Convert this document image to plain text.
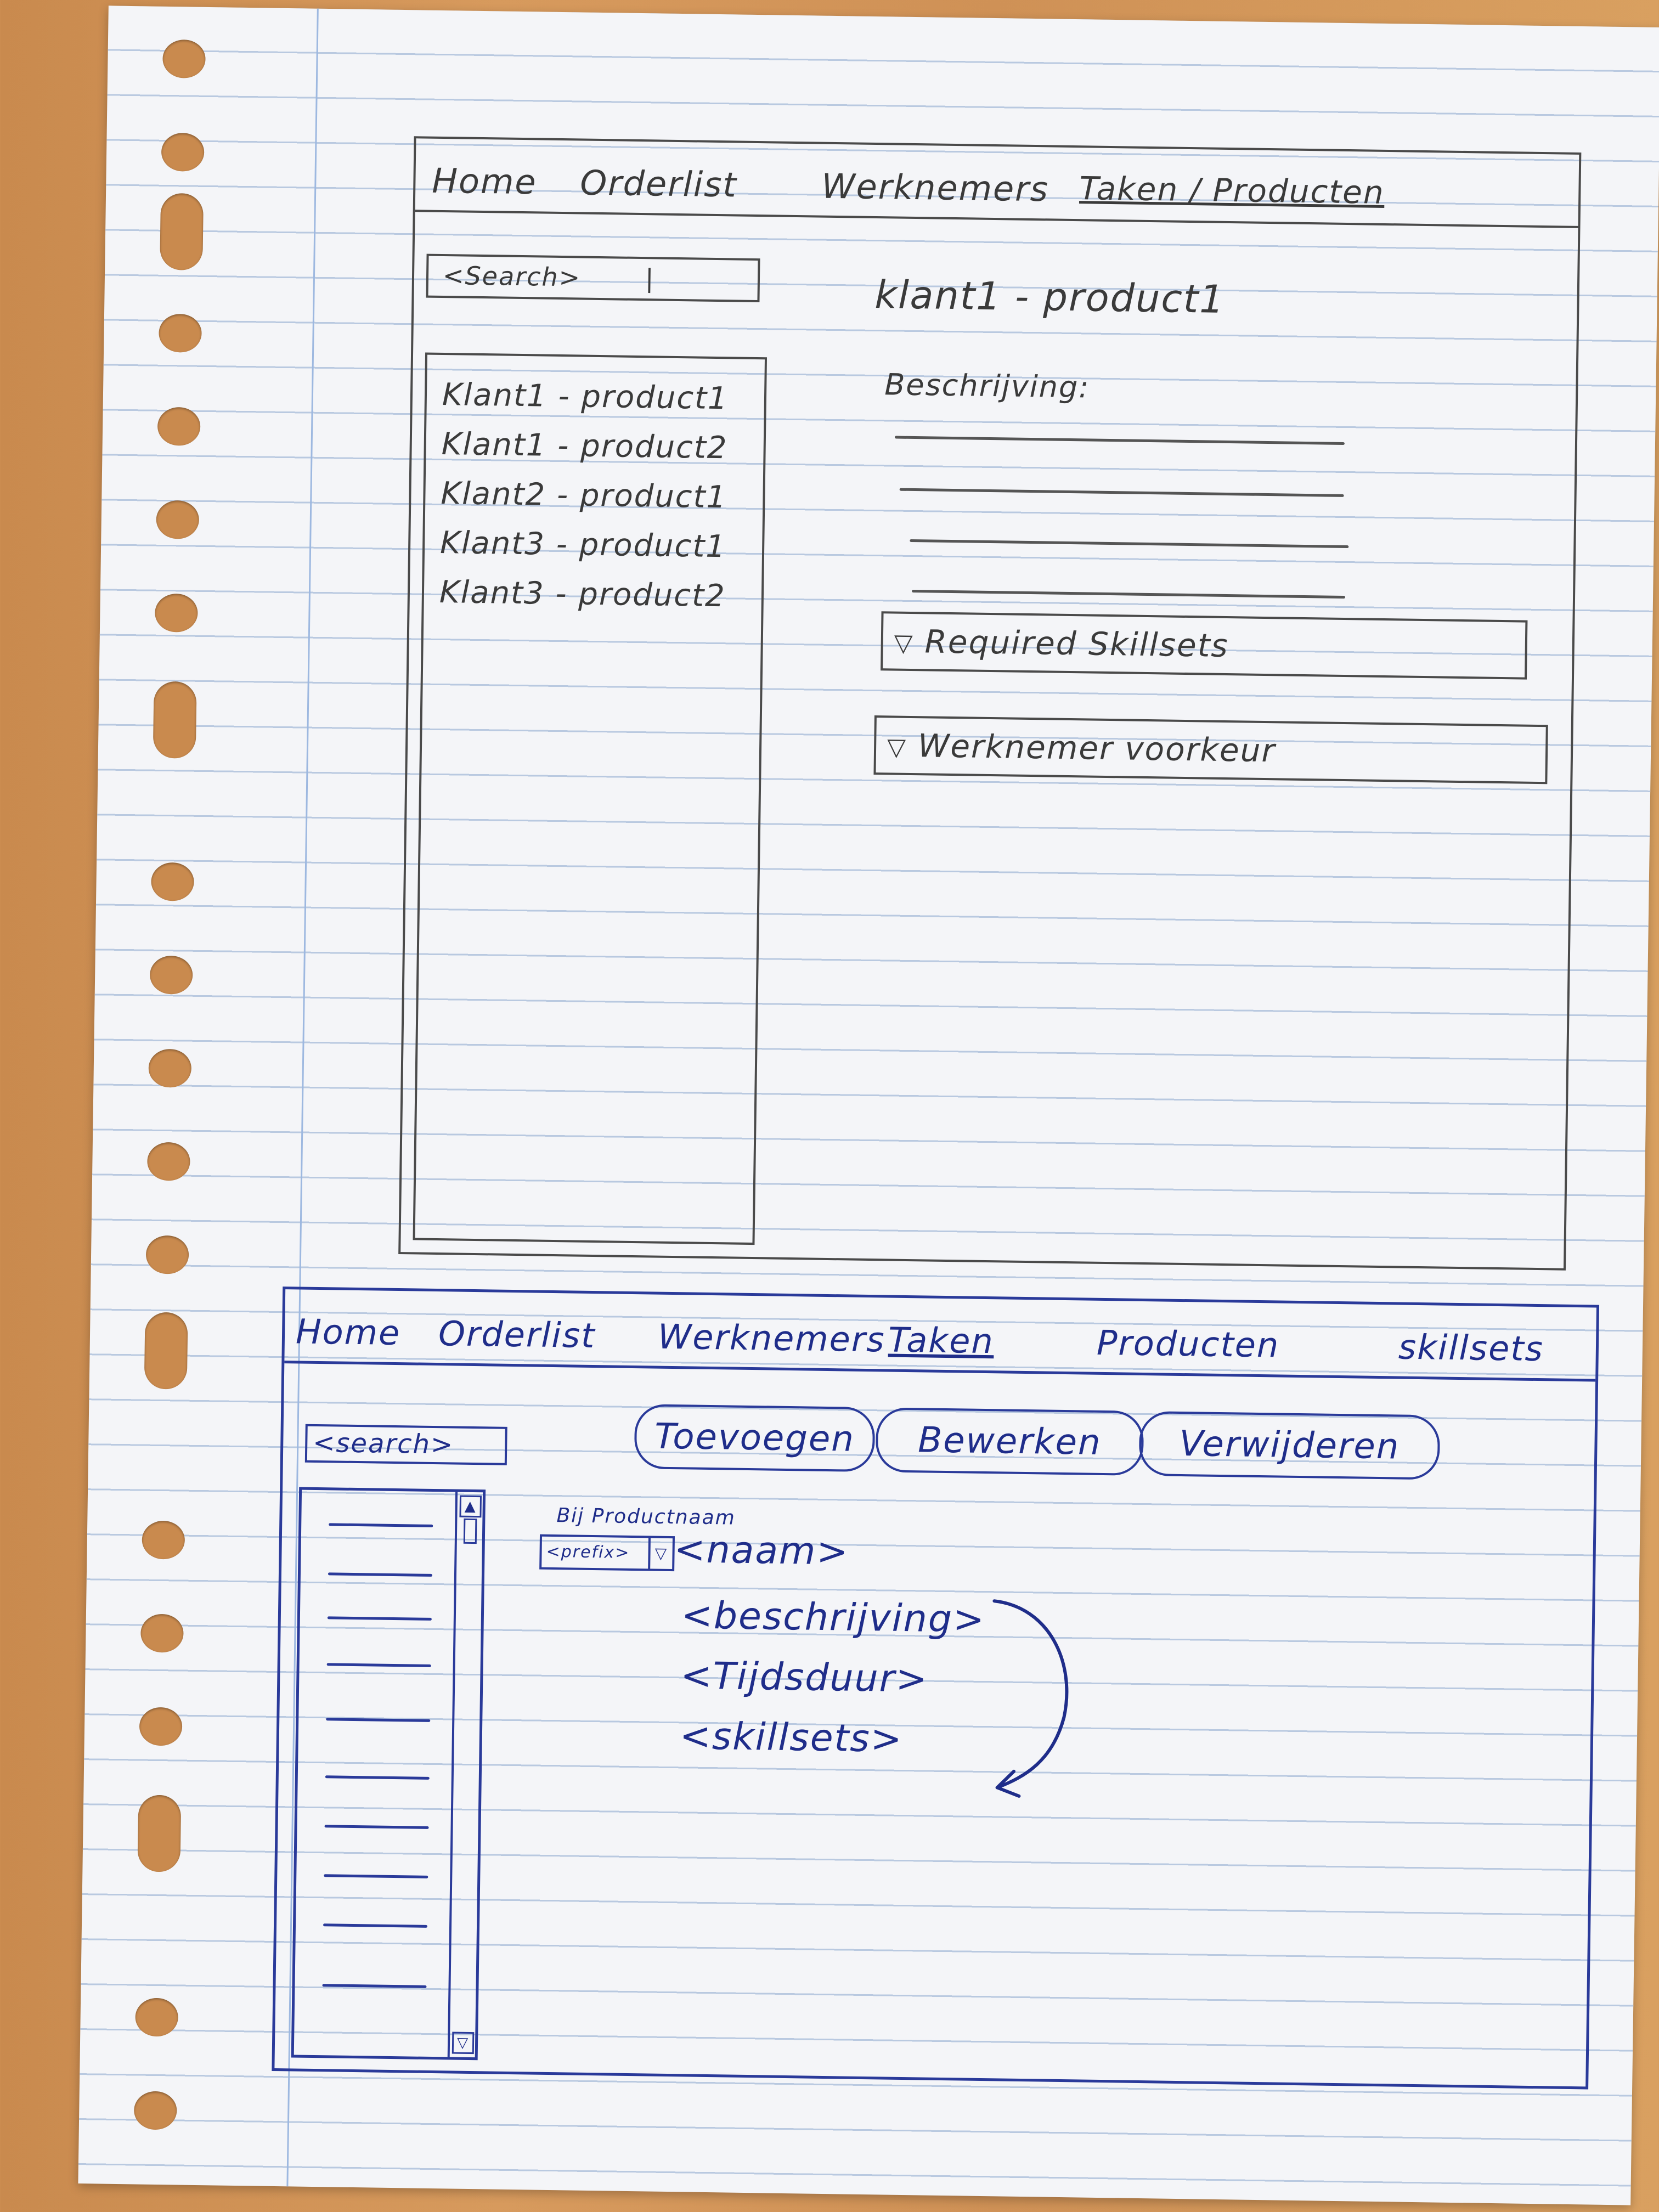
Home Orderlist Werknemers Taken / Producten
<Search>	|
Klant1 - product1
Klant1 - product2
Klant2 - product1
Klant3 - product1
Klant3 - product2
klant1 - product1
Beschrijving:
▽ Required Skillsets
▽ Werknemer voorkeur
Home Orderlist Werknemers Taken	Producten	skillsets
<search>	Toevoegen	Bewerken	Verwijderen
▲
▽
Bij Productnaam
<prefix>	▽ <naam>
<beschrijving>
<Tijdsduur>
<skillsets>
